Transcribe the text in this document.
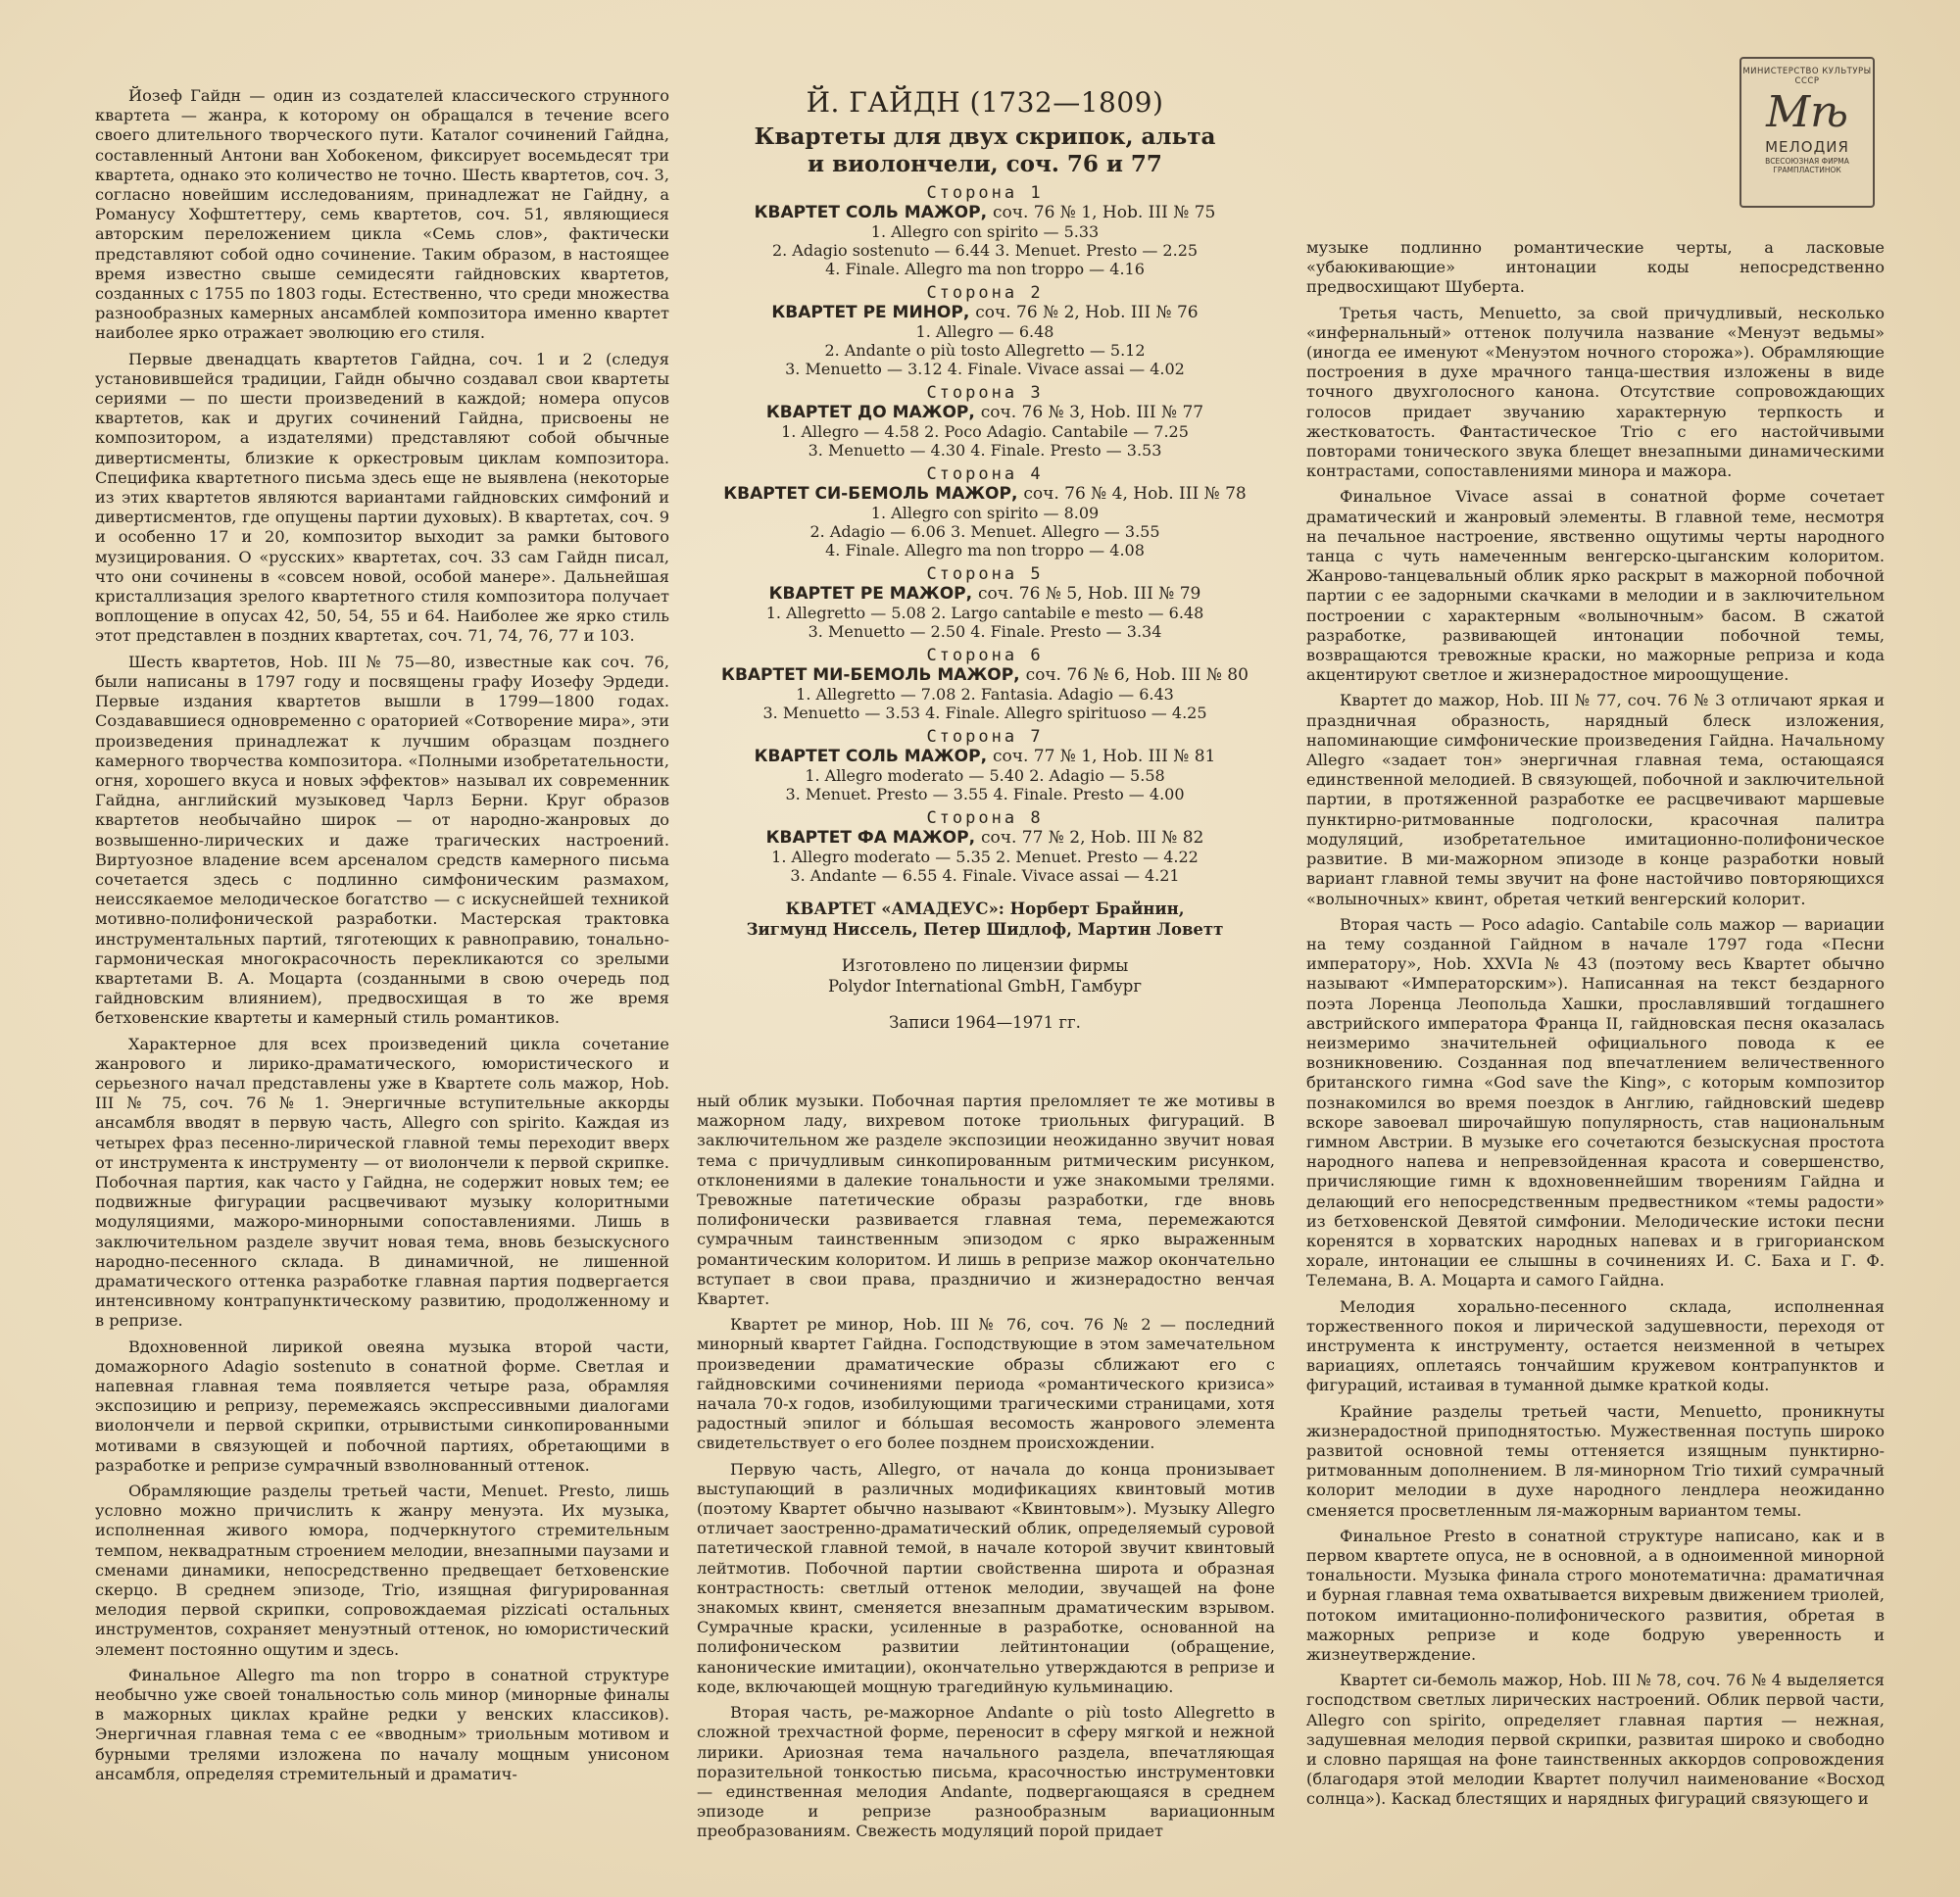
Йозеф Гайдн — один из создателей классического струнного квартета — жанра, к которому он обращался в течение всего своего длительного творческого пути. Каталог сочинений Гайдна, составленный Антони ван Хобокеном, фиксирует восемьдесят три квартета, однако это количество не точно. Шесть квартетов, соч. 3, согласно новейшим исследованиям, принадлежат не Гайдну, а Романусу Хофштеттеру, семь квартетов, соч. 51, являющиеся авторским переложением цикла «Семь слов», фактически представляют собой одно сочинение. Таким образом, в настоящее время известно свыше семидесяти гайдновских квартетов, созданных с 1755 по 1803 годы. Естественно, что среди множества разнообразных камерных ансамблей композитора именно квартет наиболее ярко отражает эволюцию его стиля.

Первые двенадцать квартетов Гайдна, соч. 1 и 2 (следуя установившейся традиции, Гайдн обычно создавал свои квартеты сериями — по шести произведений в каждой; номера опусов квартетов, как и других сочинений Гайдна, присвоены не композитором, а издателями) представляют собой обычные дивертисменты, близкие к оркестровым циклам композитора. Специфика квартетного письма здесь еще не выявлена (некоторые из этих квартетов являются вариантами гайдновских симфоний и дивертисментов, где опущены партии духовых). В квартетах, соч. 9 и особенно 17 и 20, композитор выходит за рамки бытового музицирования. О «русских» квартетах, соч. 33 сам Гайдн писал, что они сочинены в «совсем новой, особой манере». Дальнейшая кристаллизация зрелого квартетного стиля композитора получает воплощение в опусах 42, 50, 54, 55 и 64. Наиболее же ярко стиль этот представлен в поздних квартетах, соч. 71, 74, 76, 77 и 103.

Шесть квартетов, Hob. III № 75—80, известные как соч. 76, были написаны в 1797 году и посвящены графу Иозефу Эрдеди. Первые издания квартетов вышли в 1799—1800 годах. Создававшиеся одновременно с ораторией «Сотворение мира», эти произведения принадлежат к лучшим образцам позднего камерного творчества композитора. «Полными изобретательности, огня, хорошего вкуса и новых эффектов» называл их современник Гайдна, английский музыковед Чарлз Берни. Круг образов квартетов необычайно широк — от народно-жанровых до возвышенно-лирических и даже трагических настроений. Виртуозное владение всем арсеналом средств камерного письма сочетается здесь с подлинно симфоническим размахом, неиссякаемое мелодическое богатство — с искуснейшей техникой мотивно-полифонической разработки. Мастерская трактовка инструментальных партий, тяготеющих к равноправию, тонально-гармоническая многокрасочность перекликаются со зрелыми квартетами В. А. Моцарта (созданными в свою очередь под гайдновским влиянием), предвосхищая в то же время бетховенские квартеты и камерный стиль романтиков.

Характерное для всех произведений цикла сочетание жанрового и лирико-драматического, юмористического и серьезного начал представлены уже в Квартете соль мажор, Hob. III № 75, соч. 76 № 1. Энергичные вступительные аккорды ансамбля вводят в первую часть, Allegro con spirito. Каждая из четырех фраз песенно-лирической главной темы переходит вверх от инструмента к инструменту — от виолончели к первой скрипке. Побочная партия, как часто у Гайдна, не содержит новых тем; ее подвижные фигурации расцвечивают музыку колоритными модуляциями, мажоро-минорными сопоставлениями. Лишь в заключительном разделе звучит новая тема, вновь безыскусного народно-песенного склада. В динамичной, не лишенной драматического оттенка разработке главная партия подвергается интенсивному контрапунктическому развитию, продолженному и в репризе.

Вдохновенной лирикой овеяна музыка второй части, домажорного Adagio sostenuto в сонатной форме. Светлая и напевная главная тема появляется четыре раза, обрамляя экспозицию и репризу, перемежаясь экспрессивными диалогами виолончели и первой скрипки, отрывистыми синкопированными мотивами в связующей и побочной партиях, обретающими в разработке и репризе сумрачный взволнованный оттенок.

Обрамляющие разделы третьей части, Menuet. Presto, лишь условно можно причислить к жанру менуэта. Их музыка, исполненная живого юмора, подчеркнутого стремительным темпом, неквадратным строением мелодии, внезапными паузами и сменами динамики, непосредственно предвещает бетховенские скерцо. В среднем эпизоде, Trio, изящная фигурированная мелодия первой скрипки, сопровождаемая pizzicati остальных инструментов, сохраняет менуэтный оттенок, но юмористический элемент постоянно ощутим и здесь.

Финальное Allegro ma non troppo в сонатной структуре необычно уже своей тональностью соль минор (минорные финалы в мажорных циклах крайне редки у венских классиков). Энергичная главная тема с ее «вводным» триольным мотивом и бурными трелями изложена по началу мощным унисоном ансамбля, определяя стремительный и драматич-

Й. ГАЙДН (1732—1809)
Квартеты для двух скрипок, альта
и виолончели, соч. 76 и 77
Сторона 1
КВАРТЕТ СОЛЬ МАЖОР, соч. 76 № 1, Hob. III № 75
1. Allegro con spirito — 5.33
2. Adagio sostenuto — 6.44 3. Menuet. Presto — 2.25
4. Finale. Allegro ma non troppo — 4.16
Сторона 2
КВАРТЕТ РЕ МИНОР, соч. 76 № 2, Hob. III № 76
1. Allegro — 6.48
2. Andante o più tosto Allegretto — 5.12
3. Menuetto — 3.12 4. Finale. Vivace assai — 4.02
Сторона 3
КВАРТЕТ ДО МАЖОР, соч. 76 № 3, Hob. III № 77
1. Allegro — 4.58 2. Poco Adagio. Cantabile — 7.25
3. Menuetto — 4.30 4. Finale. Presto — 3.53
Сторона 4
КВАРТЕТ СИ-БЕМОЛЬ МАЖОР, соч. 76 № 4, Hob. III № 78
1. Allegro con spirito — 8.09
2. Adagio — 6.06 3. Menuet. Allegro — 3.55
4. Finale. Allegro ma non troppo — 4.08
Сторона 5
КВАРТЕТ РЕ МАЖОР, соч. 76 № 5, Hob. III № 79
1. Allegretto — 5.08 2. Largo cantabile e mesto — 6.48
3. Menuetto — 2.50 4. Finale. Presto — 3.34
Сторона 6
КВАРТЕТ МИ-БЕМОЛЬ МАЖОР, соч. 76 № 6, Hob. III № 80
1. Allegretto — 7.08 2. Fantasia. Adagio — 6.43
3. Menuetto — 3.53 4. Finale. Allegro spirituoso — 4.25
Сторона 7
КВАРТЕТ СОЛЬ МАЖОР, соч. 77 № 1, Hob. III № 81
1. Allegro moderato — 5.40 2. Adagio — 5.58
3. Menuet. Presto — 3.55 4. Finale. Presto — 4.00
Сторона 8
КВАРТЕТ ФА МАЖОР, соч. 77 № 2, Hob. III № 82
1. Allegro moderato — 5.35 2. Menuet. Presto — 4.22
3. Andante — 6.55 4. Finale. Vivace assai — 4.21
КВАРТЕТ «АМАДЕУС»: Норберт Брайнин,
Зигмунд Ниссель, Петер Шидлоф, Мартин Ловетт
Изготовлено по лицензии фирмы
Polydor International GmbH, Гамбург
Записи 1964—1971 гг.

ный облик музыки. Побочная партия преломляет те же мотивы в мажорном ладу, вихревом потоке триольных фигураций. В заключительном же разделе экспозиции неожиданно звучит новая тема с причудливым синкопированным ритмическим рисунком, отклонениями в далекие тональности и уже знакомыми трелями. Тревожные патетические образы разработки, где вновь полифонически развивается главная тема, перемежаются сумрачным таинственным эпизодом с ярко выраженным романтическим колоритом. И лишь в репризе мажор окончательно вступает в свои права, праздничио и жизнерадостно венчая Квартет.

Квартет ре минор, Hob. III № 76, соч. 76 № 2 — последний минорный квартет Гайдна. Господствующие в этом замечательном произведении драматические образы сближают его с гайдновскими сочинениями периода «романтического кризиса» начала 70-х годов, изобилующими трагическими страницами, хотя радостный эпилог и бо́льшая весомость жанрового элемента свидетельствует о его более позднем происхождении.

Первую часть, Allegro, от начала до конца пронизывает выступающий в различных модификациях квинтовый мотив (поэтому Квартет обычно называют «Квинтовым»). Музыку Allegro отличает заостренно-драматический облик, определяемый суровой патетической главной темой, в начале которой звучит квинтовый лейтмотив. Побочной партии свойственна широта и образная контрастность: светлый оттенок мелодии, звучащей на фоне знакомых квинт, сменяется внезапным драматическим взрывом. Сумрачные краски, усиленные в разработке, основанной на полифоническом развитии лейтинтонации (обращение, канонические имитации), окончательно утверждаются в репризе и коде, включающей мощную трагедийную кульминацию.

Вторая часть, ре-мажорное Andante o più tosto Allegretto в сложной трехчастной форме, переносит в сферу мягкой и нежной лирики. Ариозная тема начального раздела, впечатляющая поразительной тонкостью письма, красочностью инструментовки — единственная мелодия Andante, подвергающаяся в среднем эпизоде и репризе разнообразным вариационным преобразованиям. Свежесть модуляций порой придает

музыке подлинно романтические черты, а ласковые «убаюкивающие» интонации коды непосредственно предвосхищают Шуберта.

Третья часть, Menuetto, за свой причудливый, несколько «инфернальный» оттенок получила название «Менуэт ведьмы» (иногда ее именуют «Менуэтом ночного сторожа»). Обрамляющие построения в духе мрачного танца-шествия изложены в виде точного двухголосного канона. Отсутствие сопровождающих голосов придает звучанию характерную терпкость и жестковатость. Фантастическое Trio с его настойчивыми повторами тонического звука блещет внезапными динамическими контрастами, сопоставлениями минора и мажора.

Финальное Vivace assai в сонатной форме сочетает драматический и жанровый элементы. В главной теме, несмотря на печальное настроение, явственно ощутимы черты народного танца с чуть намеченным венгерско-цыганским колоритом. Жанрово-танцевальный облик ярко раскрыт в мажорной побочной партии с ее задорными скачками в мелодии и в заключительном построении с характерным «волыночным» басом. В сжатой разработке, развивающей интонации побочной темы, возвращаются тревожные краски, но мажорные реприза и кода акцентируют светлое и жизнерадостное мироощущение.

Квартет до мажор, Hob. III № 77, соч. 76 № 3 отличают яркая и праздничная образность, нарядный блеск изложения, напоминающие симфонические произведения Гайдна. Начальному Allegro «задает тон» энергичная главная тема, остающаяся единственной мелодией. В связующей, побочной и заключительной партии, в протяженной разработке ее расцвечивают маршевые пунктирно-ритмованные подголоски, красочная палитра модуляций, изобретательное имитационно-полифоническое развитие. В ми-мажорном эпизоде в конце разработки новый вариант главной темы звучит на фоне настойчиво повторяющихся «волыночных» квинт, обретая четкий венгерский колорит.

Вторая часть — Poco adagio. Cantabile соль мажор — вариации на тему созданной Гайдном в начале 1797 года «Песни императору», Hob. XXVIa № 43 (поэтому весь Квартет обычно называют «Императорским»). Написанная на текст бездарного поэта Лоренца Леопольда Хашки, прославлявший тогдашнего австрийского императора Франца II, гайдновская песня оказалась неизмеримо значительней официального повода к ее возникновению. Созданная под впечатлением величественного британского гимна «God save the King», с которым композитор познакомился во время поездок в Англию, гайдновский шедевр вскоре завоевал широчайшую популярность, став национальным гимном Австрии. В музыке его сочетаются безыскусная простота народного напева и непревзойденная красота и совершенство, причисляющие гимн к вдохновеннейшим творениям Гайдна и делающий его непосредственным предвестником «темы радости» из бетховенской Девятой симфонии. Мелодические истоки песни коренятся в хорватских народных напевах и в григорианском хорале, интонации ее слышны в сочинениях И. С. Баха и Г. Ф. Телемана, В. А. Моцарта и самого Гайдна.

Мелодия хорально-песенного склада, исполненная торжественного покоя и лирической задушевности, переходя от инструмента к инструменту, остается неизменной в четырех вариациях, оплетаясь тончайшим кружевом контрапунктов и фигураций, истаивая в туманной дымке краткой коды.

Крайние разделы третьей части, Menuetto, проникнуты жизнерадостной приподнятостью. Мужественная поступь широко развитой основной темы оттеняется изящным пунктирно-ритмованным дополнением. В ля-минорном Trio тихий сумрачный колорит мелодии в духе народного лендлера неожиданно сменяется просветленным ля-мажорным вариантом темы.

Финальное Presto в сонатной структуре написано, как и в первом квартете опуса, не в основной, а в одноименной минорной тональности. Музыка финала строго монотематична: драматичная и бурная главная тема охватывается вихревым движением триолей, потоком имитационно-полифонического развития, обретая в мажорных репризе и коде бодрую уверенность и жизнеутверждение.

Квартет си-бемоль мажор, Hob. III № 78, соч. 76 № 4 выделяется господством светлых лирических настроений. Облик первой части, Allegro con spirito, определяет главная партия — нежная, задушевная мелодия первой скрипки, развитая широко и свободно и словно парящая на фоне таинственных аккордов сопровождения (благодаря этой мелодии Квартет получил наименование «Восход солнца»). Каскад блестящих и нарядных фигураций связующего и

МИНИСТЕРСТВО КУЛЬТУРЫ СССР
Мѣ
МЕЛОДИЯ
ВСЕСОЮЗНАЯ ФИРМА ГРАМПЛАСТИНОК
